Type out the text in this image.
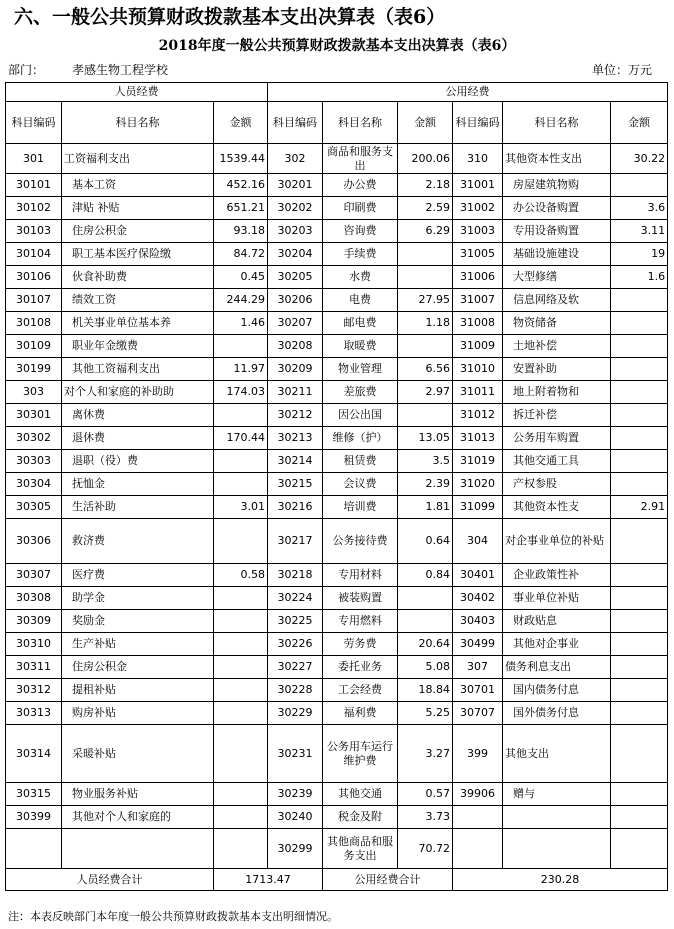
六、一般公共预算财政拨款基本支出决算表（表6）
2018年度一般公共预算财政拨款基本支出决算表（表6）
部门： 孝感生物工程学校	单位：万元
人员经费			公用经费					
科目编码	科目名称	金额	科目编码	科目名称	金额	科目编码	科目名称	金额
301	工资福利支出	1539.44	302	商品和服务支出	200.06	310	其他资本性支出	30.22
30101	基本工资	452.16	30201	办公费	2.18	31001	房屋建筑物购	
30102	津贴 补贴	651.21	30202	印刷费	2.59	31002	办公设备购置	3.6
30103	住房公积金	93.18	30203	咨询费	6.29	31003	专用设备购置	3.11
30104	职工基本医疗保险缴	84.72	30204	手续费		31005	基础设施建设	19
30106	伙食补助费	0.45	30205	水费		31006	大型修缮	1.6
30107	绩效工资	244.29	30206	电费	27.95	31007	信息网络及软	
30108	机关事业单位基本养	1.46	30207	邮电费	1.18	31008	物资储备	
30109	职业年金缴费		30208	取暖费		31009	土地补偿	
30199	其他工资福利支出	11.97	30209	物业管理	6.56	31010	安置补助	
303	对个人和家庭的补助助	174.03	30211	差旅费	2.97	31011	地上附着物和	
30301	离休费		30212	因公出国		31012	拆迁补偿	
30302	退休费	170.44	30213	维修（护）	13.05	31013	公务用车购置	
30303	退职（役）费		30214	租赁费	3.5	31019	其他交通工具	
30304	抚恤金		30215	会议费	2.39	31020	产权参股	
30305	生活补助	3.01	30216	培训费	1.81	31099	其他资本性支	2.91
30306	救济费		30217	公务接待费	0.64	304	对企事业单位的补贴	
30307	医疗费	0.58	30218	专用材料	0.84	30401	企业政策性补	
30308	助学金		30224	被装购置		30402	事业单位补贴	
30309	奖励金		30225	专用燃料		30403	财政贴息	
30310	生产补贴		30226	劳务费	20.64	30499	其他对企事业	
30311	住房公积金		30227	委托业务	5.08	307	债务利息支出	
30312	提租补贴		30228	工会经费	18.84	30701	国内债务付息	
30313	购房补贴		30229	福利费	5.25	30707	国外债务付息	
30314	采暖补贴		30231	公务用车运行维护费	3.27	399	其他支出	
30315	物业服务补贴		30239	其他交通	0.57	39906	赠与	
30399	其他对个人和家庭的		30240	税金及附	3.73			
			30299	其他商品和服务支出	70.72			
人员经费合计		1713.47		公用经费合计		230.28		
注：本表反映部门本年度一般公共预算财政拨款基本支出明细情况。
